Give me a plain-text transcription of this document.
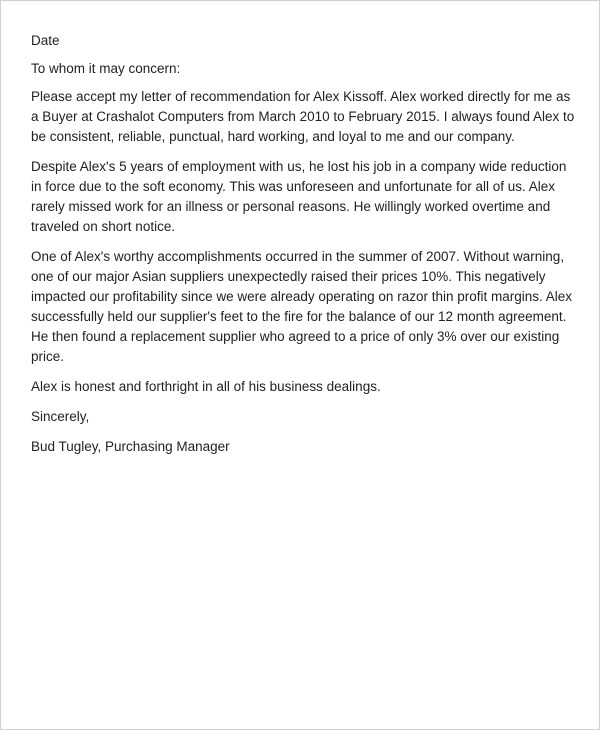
Date

To whom it may concern:

Please accept my letter of recommendation for Alex Kissoff. Alex worked directly for me as a Buyer at Crashalot Computers from March 2010 to February 2015. I always found Alex to be consistent, reliable, punctual, hard working, and loyal to me and our company.

Despite Alex's 5 years of employment with us, he lost his job in a company wide reduction in force due to the soft economy. This was unforeseen and unfortunate for all of us. Alex rarely missed work for an illness or personal reasons. He willingly worked overtime and traveled on short notice.

One of Alex's worthy accomplishments occurred in the summer of 2007. Without warning, one of our major Asian suppliers unexpectedly raised their prices 10%. This negatively impacted our profitability since we were already operating on razor thin profit margins. Alex successfully held our supplier's feet to the fire for the balance of our 12 month agreement. He then found a replacement supplier who agreed to a price of only 3% over our existing price.

Alex is honest and forthright in all of his business dealings.

Sincerely,

Bud Tugley, Purchasing Manager
